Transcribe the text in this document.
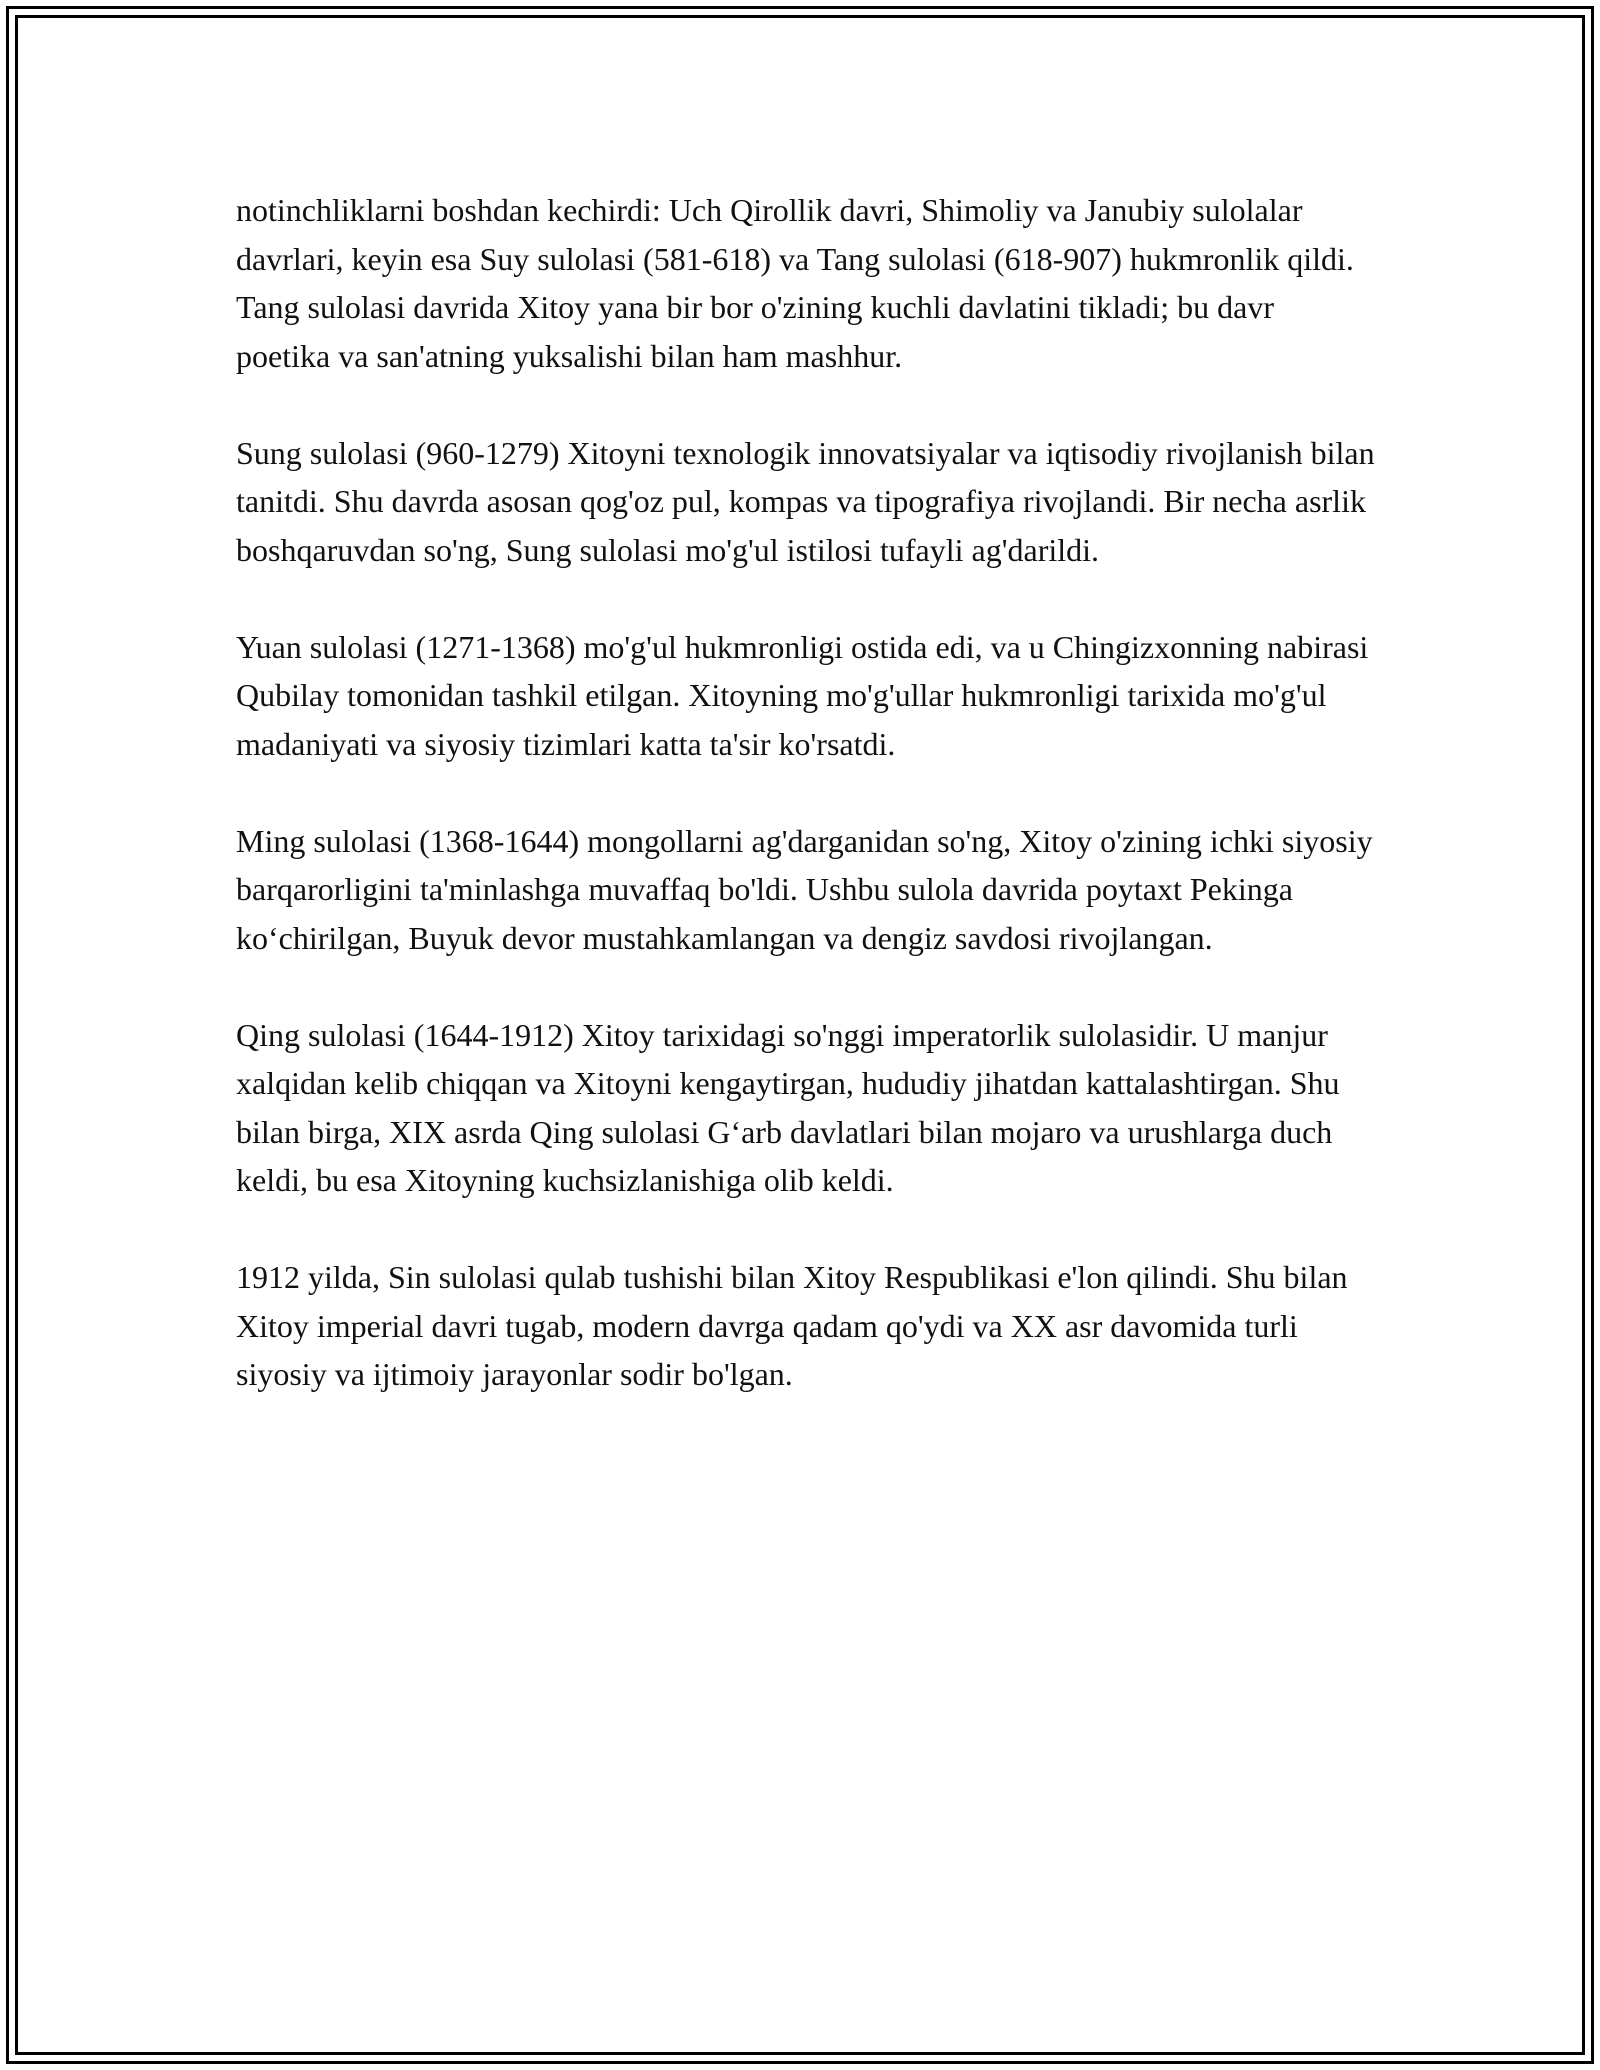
notinchliklarni boshdan kechirdi: Uch Qirollik davri, Shimoliy va Janubiy sulolalar davrlari, keyin esa Suy sulolasi (581-618) va Tang sulolasi (618-907) hukmronlik qildi. Tang sulolasi davrida Xitoy yana bir bor o'zining kuchli davlatini tikladi; bu davr poetika va san'atning yuksalishi bilan ham mashhur.

Sung sulolasi (960-1279) Xitoyni texnologik innovatsiyalar va iqtisodiy rivojlanish bilan tanitdi. Shu davrda asosan qog'oz pul, kompas va tipografiya rivojlandi. Bir necha asrlik boshqaruvdan so'ng, Sung sulolasi mo'g'ul istilosi tufayli ag'darildi.

Yuan sulolasi (1271-1368) mo'g'ul hukmronligi ostida edi, va u Chingizxonning nabirasi Qubilay tomonidan tashkil etilgan. Xitoyning mo'g'ullar hukmronligi tarixida mo'g'ul madaniyati va siyosiy tizimlari katta ta'sir ko'rsatdi.

Ming sulolasi (1368-1644) mongollarni ag'darganidan so'ng, Xitoy o'zining ichki siyosiy barqarorligini ta'minlashga muvaffaq bo'ldi. Ushbu sulola davrida poytaxt Pekinga ko‘chirilgan, Buyuk devor mustahkamlangan va dengiz savdosi rivojlangan.

Qing sulolasi (1644-1912) Xitoy tarixidagi so'nggi imperatorlik sulolasidir. U manjur xalqidan kelib chiqqan va Xitoyni kengaytirgan, hududiy jihatdan kattalashtirgan. Shu bilan birga, XIX asrda Qing sulolasi G‘arb davlatlari bilan mojaro va urushlarga duch keldi, bu esa Xitoyning kuchsizlanishiga olib keldi.

1912 yilda, Sin sulolasi qulab tushishi bilan Xitoy Respublikasi e'lon qilindi. Shu bilan Xitoy imperial davri tugab, modern davrga qadam qo'ydi va XX asr davomida turli siyosiy va ijtimoiy jarayonlar sodir bo'lgan.
